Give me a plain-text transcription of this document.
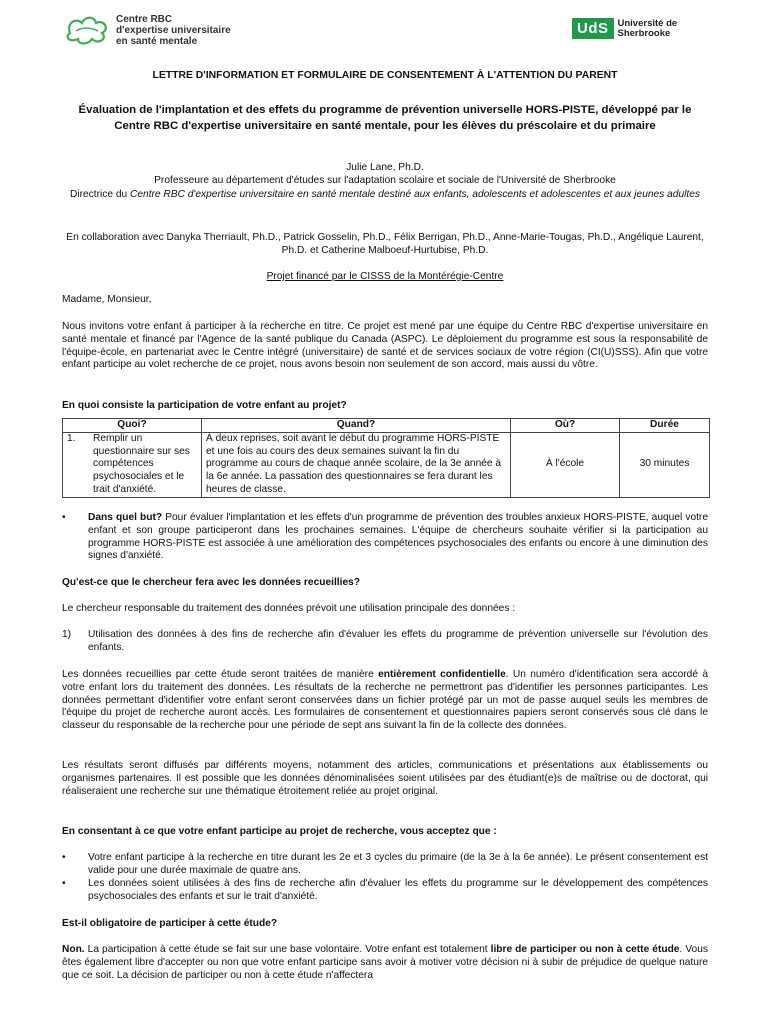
Centre RBC
d'expertise universitaire
en santé mentale
UdS Université de
Sherbrooke
LETTRE D'INFORMATION ET FORMULAIRE DE CONSENTEMENT À L'ATTENTION DU PARENT
Évaluation de l'implantation et des effets du programme de prévention universelle HORS-PISTE, développé par le Centre RBC d'expertise universitaire en santé mentale, pour les élèves du préscolaire et du primaire
Julie Lane, Ph.D.
Professeure au département d'études sur l'adaptation scolaire et sociale de l'Université de Sherbrooke
Directrice du Centre RBC d'expertise universitaire en santé mentale destiné aux enfants, adolescents et adolescentes et aux jeunes adultes
En collaboration avec Danyka Therriault, Ph.D., Patrick Gosselin, Ph.D., Félix Berrigan, Ph.D., Anne-Marie-Tougas, Ph.D., Angélique Laurent, Ph.D. et Catherine Malboeuf-Hurtubise, Ph.D.
Projet financé par le CISSS de la Montérégie-Centre
Madame, Monsieur,
Nous invitons votre enfant à participer à la recherche en titre. Ce projet est mené par une équipe du Centre RBC d'expertise universitaire en santé mentale et financé par l'Agence de la santé publique du Canada (ASPC). Le déploiement du programme est sous la responsabilité de l'équipe-école, en partenariat avec le Centre intégré (universitaire) de santé et de services sociaux de votre région (CI(U)SSS). Afin que votre enfant participe au volet recherche de ce projet, nous avons besoin non seulement de son accord, mais aussi du vôtre.
En quoi consiste la participation de votre enfant au projet?
Quoi?	Quand?	Où?	Durée

1. Remplir un questionnaire sur ses compétences psychosociales et le trait d'anxiété.	À deux reprises, soit avant le début du programme HORS-PISTE et une fois au cours des deux semaines suivant la fin du programme au cours de chaque année scolaire, de la 3e année à la 6e année. La passation des questionnaires se fera durant les heures de classe.	À l'école	30 minutes
• Dans quel but? Pour évaluer l'implantation et les effets d'un programme de prévention des troubles anxieux HORS-PISTE, auquel votre enfant et son groupe participeront dans les prochaines semaines. L'équipe de chercheurs souhaite vérifier si la participation au programme HORS-PISTE est associée à une amélioration des compétences psychosociales des enfants ou encore à une diminution des signes d'anxiété.
Qu'est-ce que le chercheur fera avec les données recueillies?
Le chercheur responsable du traitement des données prévoit une utilisation principale des données :
1) Utilisation des données à des fins de recherche afin d'évaluer les effets du programme de prévention universelle sur l'évolution des enfants.
Les données recueillies par cette étude seront traitées de manière entièrement confidentielle. Un numéro d'identification sera accordé à votre enfant lors du traitement des données. Les résultats de la recherche ne permettront pas d'identifier les personnes participantes. Les données permettant d'identifier votre enfant seront conservées dans un fichier protégé par un mot de passe auquel seuls les membres de l'équipe du projet de recherche auront accès. Les formulaires de consentement et questionnaires papiers seront conservés sous clé dans le classeur du responsable de la recherche pour une période de sept ans suivant la fin de la collecte des données.
Les résultats seront diffusés par différents moyens, notamment des articles, communications et présentations aux établissements ou organismes partenaires. Il est possible que les données dénominalisées soient utilisées par des étudiant(e)s de maîtrise ou de doctorat, qui réaliseraient une recherche sur une thématique étroitement reliée au projet original.
En consentant à ce que votre enfant participe au projet de recherche, vous acceptez que :
• Votre enfant participe à la recherche en titre durant les 2e et 3 cycles du primaire (de la 3e à la 6e année). Le présent consentement est valide pour une durée maximale de quatre ans.
• Les données soient utilisées à des fins de recherche afin d'évaluer les effets du programme sur le développement des compétences psychosociales des enfants et sur le trait d'anxiété.
Est-il obligatoire de participer à cette étude?
Non. La participation à cette étude se fait sur une base volontaire. Votre enfant est totalement libre de participer ou non à cette étude. Vous êtes également libre d'accepter ou non que votre enfant participe sans avoir à motiver votre décision ni à subir de préjudice de quelque nature que ce soit. La décision de participer ou non à cette étude n'affectera
